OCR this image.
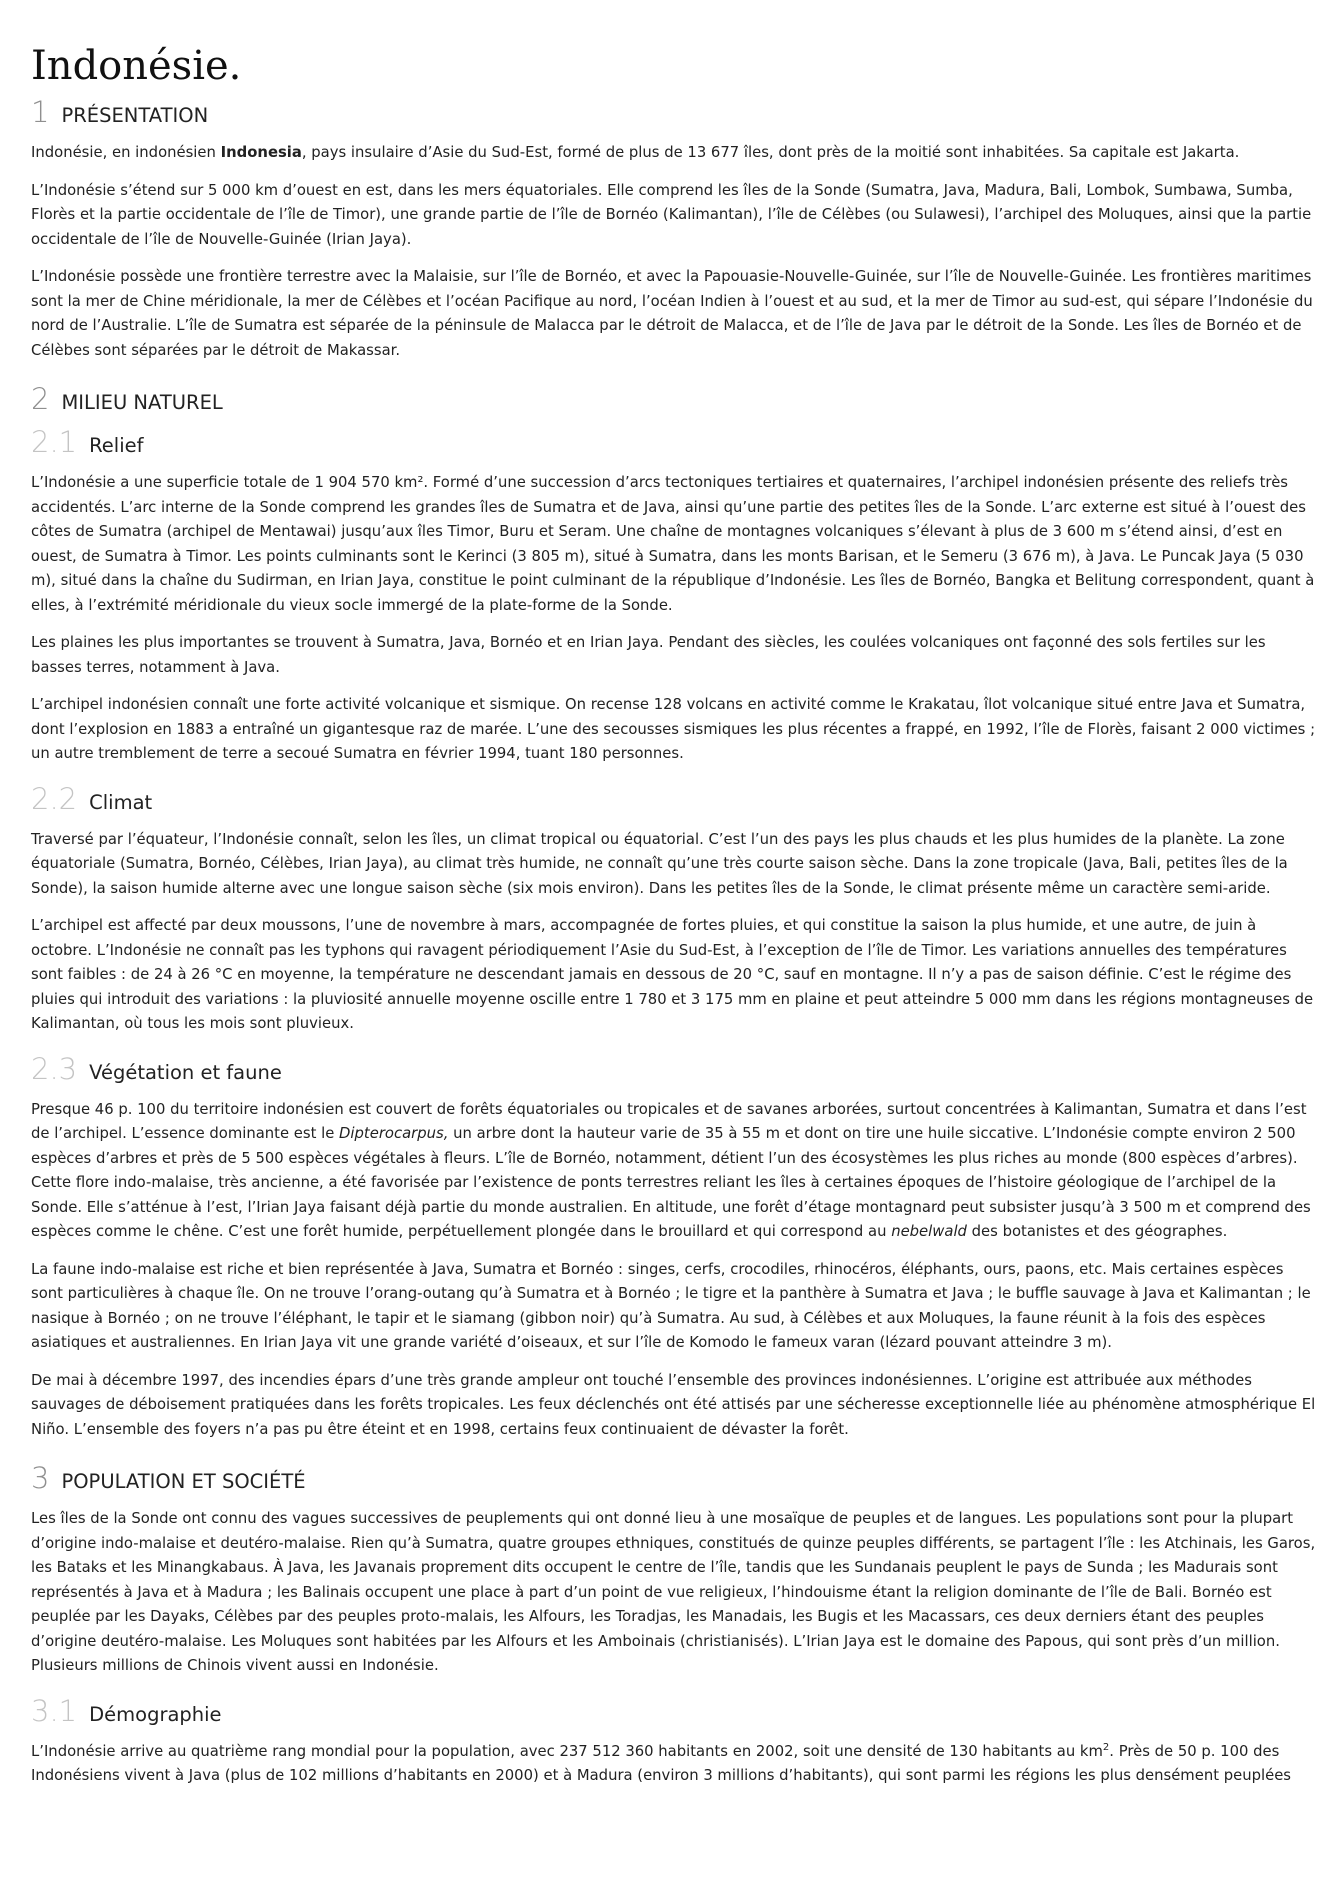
Indonésie.
1 PRÉSENTATION

Indonésie, en indonésien Indonesia, pays insulaire d’Asie du Sud-Est, formé de plus de 13 677 îles, dont près de la moitié sont inhabitées. Sa capitale est Jakarta.

L’Indonésie s’étend sur 5 000 km d’ouest en est, dans les mers équatoriales. Elle comprend les îles de la Sonde (Sumatra, Java, Madura, Bali, Lombok, Sumbawa, Sumba, Florès et la partie occidentale de l’île de Timor), une grande partie de l’île de Bornéo (Kalimantan), l’île de Célèbes (ou Sulawesi), l’archipel des Moluques, ainsi que la partie occidentale de l’île de Nouvelle-Guinée (Irian Jaya).

L’Indonésie possède une frontière terrestre avec la Malaisie, sur l’île de Bornéo, et avec la Papouasie-Nouvelle-Guinée, sur l’île de Nouvelle-Guinée. Les frontières maritimes sont la mer de Chine méridionale, la mer de Célèbes et l’océan Pacifique au nord, l’océan Indien à l’ouest et au sud, et la mer de Timor au sud-est, qui sépare l’Indonésie du nord de l’Australie. L’île de Sumatra est séparée de la péninsule de Malacca par le détroit de Malacca, et de l’île de Java par le détroit de la Sonde. Les îles de Bornéo et de Célèbes sont séparées par le détroit de Makassar.

2 MILIEU NATUREL
2.1 Relief

L’Indonésie a une superficie totale de 1 904 570 km². Formé d’une succession d’arcs tectoniques tertiaires et quaternaires, l’archipel indonésien présente des reliefs très accidentés. L’arc interne de la Sonde comprend les grandes îles de Sumatra et de Java, ainsi qu’une partie des petites îles de la Sonde. L’arc externe est situé à l’ouest des côtes de Sumatra (archipel de Mentawai) jusqu’aux îles Timor, Buru et Seram. Une chaîne de montagnes volcaniques s’élevant à plus de 3 600 m s’étend ainsi, d’est en ouest, de Sumatra à Timor. Les points culminants sont le Kerinci (3 805 m), situé à Sumatra, dans les monts Barisan, et le Semeru (3 676 m), à Java. Le Puncak Jaya (5 030 m), situé dans la chaîne du Sudirman, en Irian Jaya, constitue le point culminant de la république d’Indonésie. Les îles de Bornéo, Bangka et Belitung correspondent, quant à elles, à l’extrémité méridionale du vieux socle immergé de la plate-forme de la Sonde.

Les plaines les plus importantes se trouvent à Sumatra, Java, Bornéo et en Irian Jaya. Pendant des siècles, les coulées volcaniques ont façonné des sols fertiles sur les basses terres, notamment à Java.

L’archipel indonésien connaît une forte activité volcanique et sismique. On recense 128 volcans en activité comme le Krakatau, îlot volcanique situé entre Java et Sumatra, dont l’explosion en 1883 a entraîné un gigantesque raz de marée. L’une des secousses sismiques les plus récentes a frappé, en 1992, l’île de Florès, faisant 2 000 victimes ; un autre tremblement de terre a secoué Sumatra en février 1994, tuant 180 personnes.

2.2 Climat

Traversé par l’équateur, l’Indonésie connaît, selon les îles, un climat tropical ou équatorial. C’est l’un des pays les plus chauds et les plus humides de la planète. La zone équatoriale (Sumatra, Bornéo, Célèbes, Irian Jaya), au climat très humide, ne connaît qu’une très courte saison sèche. Dans la zone tropicale (Java, Bali, petites îles de la Sonde), la saison humide alterne avec une longue saison sèche (six mois environ). Dans les petites îles de la Sonde, le climat présente même un caractère semi-aride.

L’archipel est affecté par deux moussons, l’une de novembre à mars, accompagnée de fortes pluies, et qui constitue la saison la plus humide, et une autre, de juin à octobre. L’Indonésie ne connaît pas les typhons qui ravagent périodiquement l’Asie du Sud-Est, à l’exception de l’île de Timor. Les variations annuelles des températures sont faibles : de 24 à 26 °C en moyenne, la température ne descendant jamais en dessous de 20 °C, sauf en montagne. Il n’y a pas de saison définie. C’est le régime des pluies qui introduit des variations : la pluviosité annuelle moyenne oscille entre 1 780 et 3 175 mm en plaine et peut atteindre 5 000 mm dans les régions montagneuses de Kalimantan, où tous les mois sont pluvieux.

2.3 Végétation et faune

Presque 46 p. 100 du territoire indonésien est couvert de forêts équatoriales ou tropicales et de savanes arborées, surtout concentrées à Kalimantan, Sumatra et dans l’est de l’archipel. L’essence dominante est le Dipterocarpus, un arbre dont la hauteur varie de 35 à 55 m et dont on tire une huile siccative. L’Indonésie compte environ 2 500 espèces d’arbres et près de 5 500 espèces végétales à fleurs. L’île de Bornéo, notamment, détient l’un des écosystèmes les plus riches au monde (800 espèces d’arbres). Cette flore indo-malaise, très ancienne, a été favorisée par l’existence de ponts terrestres reliant les îles à certaines époques de l’histoire géologique de l’archipel de la Sonde. Elle s’atténue à l’est, l’Irian Jaya faisant déjà partie du monde australien. En altitude, une forêt d’étage montagnard peut subsister jusqu’à 3 500 m et comprend des espèces comme le chêne. C’est une forêt humide, perpétuellement plongée dans le brouillard et qui correspond au nebelwald des botanistes et des géographes.

La faune indo-malaise est riche et bien représentée à Java, Sumatra et Bornéo : singes, cerfs, crocodiles, rhinocéros, éléphants, ours, paons, etc. Mais certaines espèces sont particulières à chaque île. On ne trouve l’orang-outang qu’à Sumatra et à Bornéo ; le tigre et la panthère à Sumatra et Java ; le buffle sauvage à Java et Kalimantan ; le nasique à Bornéo ; on ne trouve l’éléphant, le tapir et le siamang (gibbon noir) qu’à Sumatra. Au sud, à Célèbes et aux Moluques, la faune réunit à la fois des espèces asiatiques et australiennes. En Irian Jaya vit une grande variété d’oiseaux, et sur l’île de Komodo le fameux varan (lézard pouvant atteindre 3 m).

De mai à décembre 1997, des incendies épars d’une très grande ampleur ont touché l’ensemble des provinces indonésiennes. L’origine est attribuée aux méthodes sauvages de déboisement pratiquées dans les forêts tropicales. Les feux déclenchés ont été attisés par une sécheresse exceptionnelle liée au phénomène atmosphérique El Niño. L’ensemble des foyers n’a pas pu être éteint et en 1998, certains feux continuaient de dévaster la forêt.

3 POPULATION ET SOCIÉTÉ

Les îles de la Sonde ont connu des vagues successives de peuplements qui ont donné lieu à une mosaïque de peuples et de langues. Les populations sont pour la plupart d’origine indo-malaise et deutéro-malaise. Rien qu’à Sumatra, quatre groupes ethniques, constitués de quinze peuples différents, se partagent l’île : les Atchinais, les Garos, les Bataks et les Minangkabaus. À Java, les Javanais proprement dits occupent le centre de l’île, tandis que les Sundanais peuplent le pays de Sunda ; les Madurais sont représentés à Java et à Madura ; les Balinais occupent une place à part d’un point de vue religieux, l’hindouisme étant la religion dominante de l’île de Bali. Bornéo est peuplée par les Dayaks, Célèbes par des peuples proto-malais, les Alfours, les Toradjas, les Manadais, les Bugis et les Macassars, ces deux derniers étant des peuples d’origine deutéro-malaise. Les Moluques sont habitées par les Alfours et les Amboinais (christianisés). L’Irian Jaya est le domaine des Papous, qui sont près d’un million. Plusieurs millions de Chinois vivent aussi en Indonésie.

3.1 Démographie

L’Indonésie arrive au quatrième rang mondial pour la population, avec 237 512 360 habitants en 2002, soit une densité de 130 habitants au $km^2$. Près de 50 p. 100 des Indonésiens vivent à Java (plus de 102 millions d’habitants en 2000) et à Madura (environ 3 millions d’habitants), qui sont parmi les régions les plus densément peuplées
